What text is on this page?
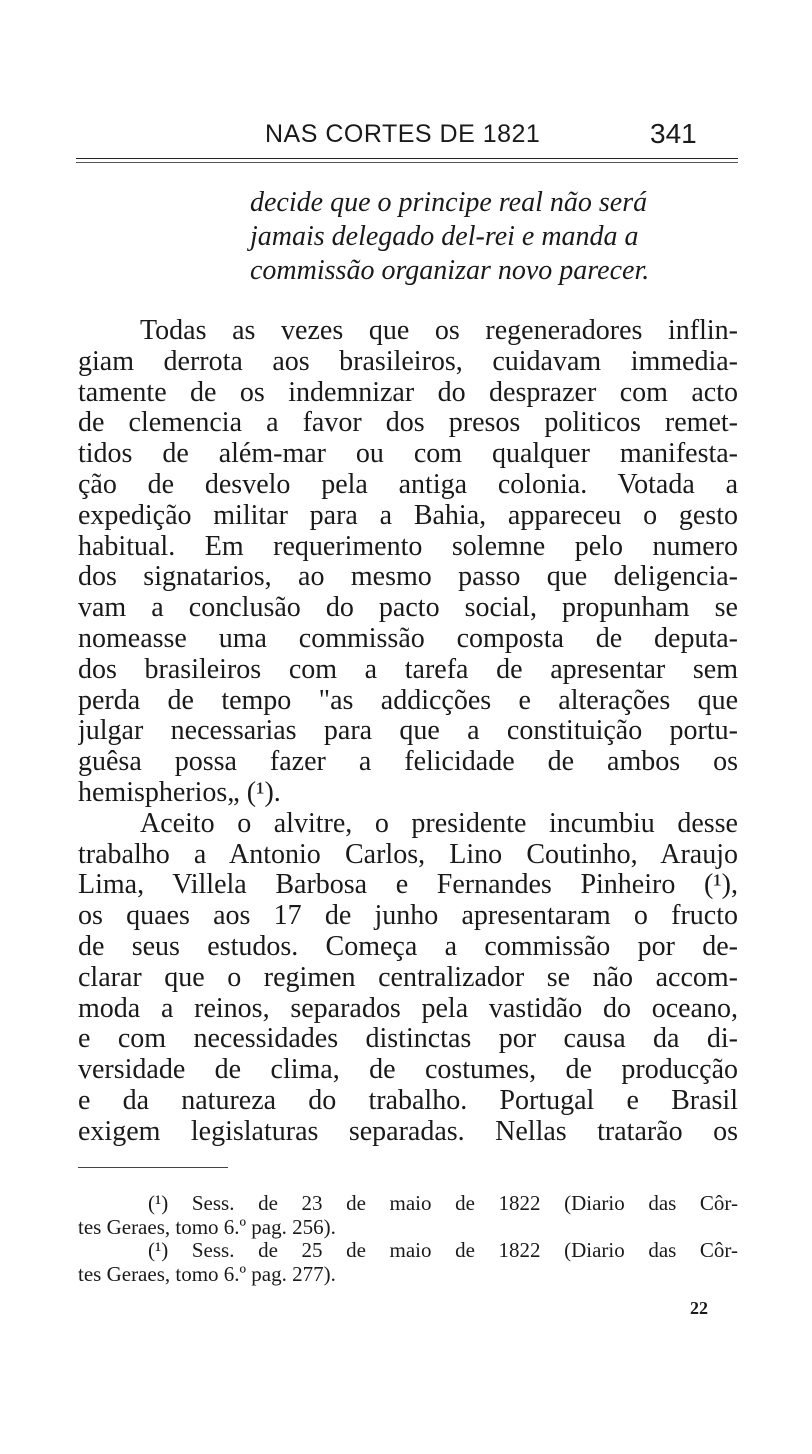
NAS CORTES DE 1821	341
decide que o principe real não será
jamais delegado del-rei e manda a
commissão organizar novo parecer.
Todas as vezes que os regeneradores inflin-
giam derrota aos brasileiros, cuidavam immedia-
tamente de os indemnizar do desprazer com acto
de clemencia a favor dos presos politicos remet-
tidos de além-mar ou com qualquer manifesta-
ção de desvelo pela antiga colonia. Votada a
expedição militar para a Bahia, appareceu o gesto
habitual. Em requerimento solemne pelo numero
dos signatarios, ao mesmo passo que deligencia-
vam a conclusão do pacto social, propunham se
nomeasse uma commissão composta de deputa-
dos brasileiros com a tarefa de apresentar sem
perda de tempo "as addicções e alterações que
julgar necessarias para que a constituição portu-
guêsa possa fazer a felicidade de ambos os
hemispherios„ (¹).
Aceito o alvitre, o presidente incumbiu desse
trabalho a Antonio Carlos, Lino Coutinho, Araujo
Lima, Villela Barbosa e Fernandes Pinheiro (¹),
os quaes aos 17 de junho apresentaram o fructo
de seus estudos. Começa a commissão por de-
clarar que o regimen centralizador se não accom-
moda a reinos, separados pela vastidão do oceano,
e com necessidades distinctas por causa da di-
versidade de clima, de costumes, de producção
e da natureza do trabalho. Portugal e Brasil
exigem legislaturas separadas. Nellas tratarão os
(¹) Sess. de 23 de maio de 1822 (Diario das Côr-
tes Geraes, tomo 6.º pag. 256).
(¹) Sess. de 25 de maio de 1822 (Diario das Côr-
tes Geraes, tomo 6.º pag. 277).
22
